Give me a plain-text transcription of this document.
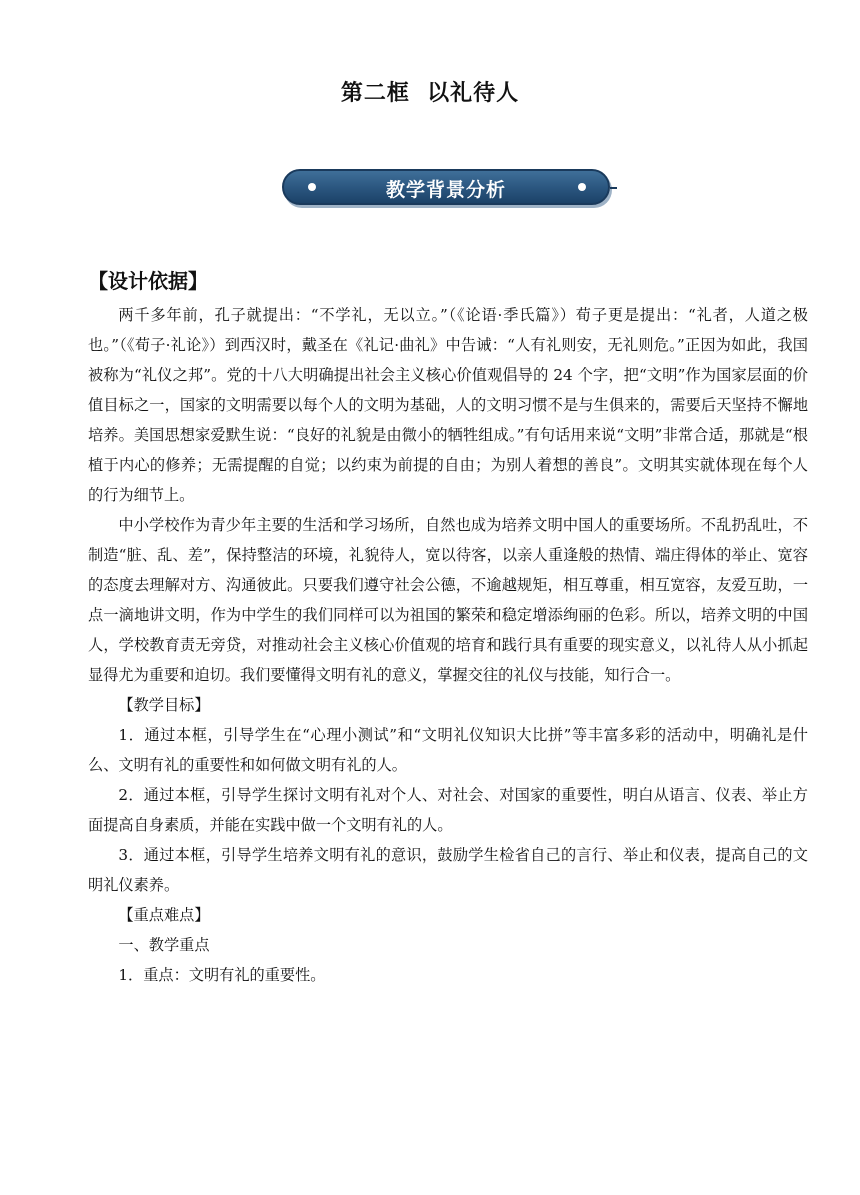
第二框  以礼待人
教学背景分析
【设计依据】

两千多年前，孔子就提出：“不学礼，无以立。”（《论语·季氏篇》）荀子更是提出：“礼者，人道之极也。”（《荀子·礼论》）到西汉时，戴圣在《礼记·曲礼》中告诫：“人有礼则安，无礼则危。”正因为如此，我国被称为“礼仪之邦”。党的十八大明确提出社会主义核心价值观倡导的 24 个字，把“文明”作为国家层面的价值目标之一，国家的文明需要以每个人的文明为基础，人的文明习惯不是与生俱来的，需要后天坚持不懈地培养。美国思想家爱默生说：“良好的礼貌是由微小的牺牲组成。”有句话用来说“文明”非常合适，那就是“根植于内心的修养；无需提醒的自觉；以约束为前提的自由；为别人着想的善良”。文明其实就体现在每个人的行为细节上。

中小学校作为青少年主要的生活和学习场所，自然也成为培养文明中国人的重要场所。不乱扔乱吐，不制造“脏、乱、差”，保持整洁的环境，礼貌待人，宽以待客，以亲人重逢般的热情、端庄得体的举止、宽容的态度去理解对方、沟通彼此。只要我们遵守社会公德，不逾越规矩，相互尊重，相互宽容，友爱互助，一点一滴地讲文明，作为中学生的我们同样可以为祖国的繁荣和稳定增添绚丽的色彩。所以，培养文明的中国人，学校教育责无旁贷，对推动社会主义核心价值观的培育和践行具有重要的现实意义，以礼待人从小抓起显得尤为重要和迫切。我们要懂得文明有礼的意义，掌握交往的礼仪与技能，知行合一。

【教学目标】

1．通过本框，引导学生在“心理小测试”和“文明礼仪知识大比拼”等丰富多彩的活动中，明确礼是什么、文明有礼的重要性和如何做文明有礼的人。

2．通过本框，引导学生探讨文明有礼对个人、对社会、对国家的重要性，明白从语言、仪表、举止方面提高自身素质，并能在实践中做一个文明有礼的人。

3．通过本框，引导学生培养文明有礼的意识，鼓励学生检省自己的言行、举止和仪表，提高自己的文明礼仪素养。

【重点难点】

一、教学重点

1．重点：文明有礼的重要性。
